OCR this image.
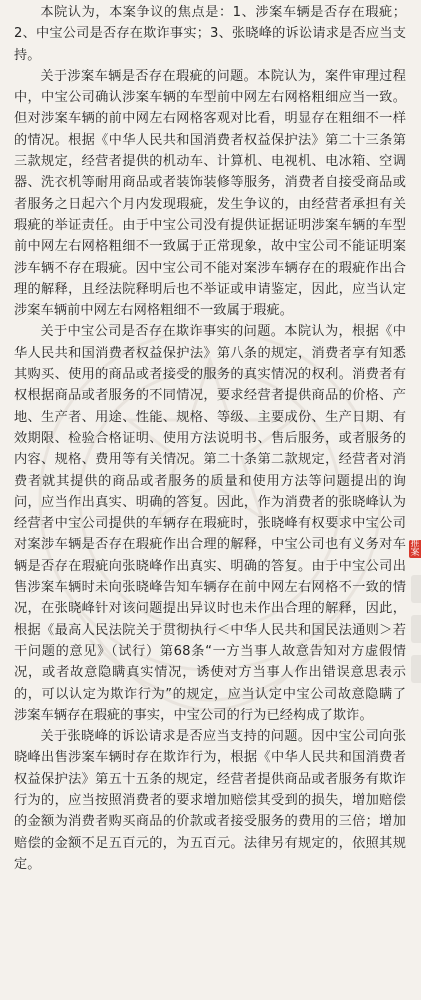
本院认为，本案争议的焦点是：1、涉案车辆是否存在瑕疵；2、中宝公司是否存在欺诈事实；3、张晓峰的诉讼请求是否应当支持。

关于涉案车辆是否存在瑕疵的问题。本院认为，案件审理过程中，中宝公司确认涉案车辆的车型前中网左右网格粗细应当一致。但对涉案车辆的前中网左右网格客观对比看，明显存在粗细不一样的情况。根据《中华人民共和国消费者权益保护法》第二十三条第三款规定，经营者提供的机动车、计算机、电视机、电冰箱、空调器、洗衣机等耐用商品或者装饰装修等服务，消费者自接受商品或者服务之日起六个月内发现瑕疵，发生争议的，由经营者承担有关瑕疵的举证责任。由于中宝公司没有提供证据证明涉案车辆的车型前中网左右网格粗细不一致属于正常现象，故中宝公司不能证明案涉车辆不存在瑕疵。因中宝公司不能对案涉车辆存在的瑕疵作出合理的解释，且经法院释明后也不举证或申请鉴定，因此，应当认定涉案车辆前中网左右网格粗细不一致属于瑕疵。

关于中宝公司是否存在欺诈事实的问题。本院认为，根据《中华人民共和国消费者权益保护法》第八条的规定，消费者享有知悉其购买、使用的商品或者接受的服务的真实情况的权利。消费者有权根据商品或者服务的不同情况，要求经营者提供商品的价格、产地、生产者、用途、性能、规格、等级、主要成份、生产日期、有效期限、检验合格证明、使用方法说明书、售后服务，或者服务的内容、规格、费用等有关情况。第二十条第二款规定，经营者对消费者就其提供的商品或者服务的质量和使用方法等问题提出的询问，应当作出真实、明确的答复。因此，作为消费者的张晓峰认为经营者中宝公司提供的车辆存在瑕疵时，张晓峰有权要求中宝公司对案涉车辆是否存在瑕疵作出合理的解释，中宝公司也有义务对车辆是否存在瑕疵向张晓峰作出真实、明确的答复。由于中宝公司出售涉案车辆时未向张晓峰告知车辆存在前中网左右网格不一致的情况，在张晓峰针对该问题提出异议时也未作出合理的解释，因此，根据《最高人民法院关于贯彻执行＜中华人民共和国民法通则＞若干问题的意见》（试行）第68条“一方当事人故意告知对方虚假情况，或者故意隐瞒真实情况，诱使对方当事人作出错误意思表示的，可以认定为欺诈行为”的规定，应当认定中宝公司故意隐瞒了涉案车辆存在瑕疵的事实，中宝公司的行为已经构成了欺诈。

关于张晓峰的诉讼请求是否应当支持的问题。因中宝公司向张晓峰出售涉案车辆时存在欺诈行为，根据《中华人民共和国消费者权益保护法》第五十五条的规定，经营者提供商品或者服务有欺诈行为的，应当按照消费者的要求增加赔偿其受到的损失，增加赔偿的金额为消费者购买商品的价款或者接受服务的费用的三倍；增加赔偿的金额不足五百元的，为五百元。法律另有规定的，依照其规定。

推案
